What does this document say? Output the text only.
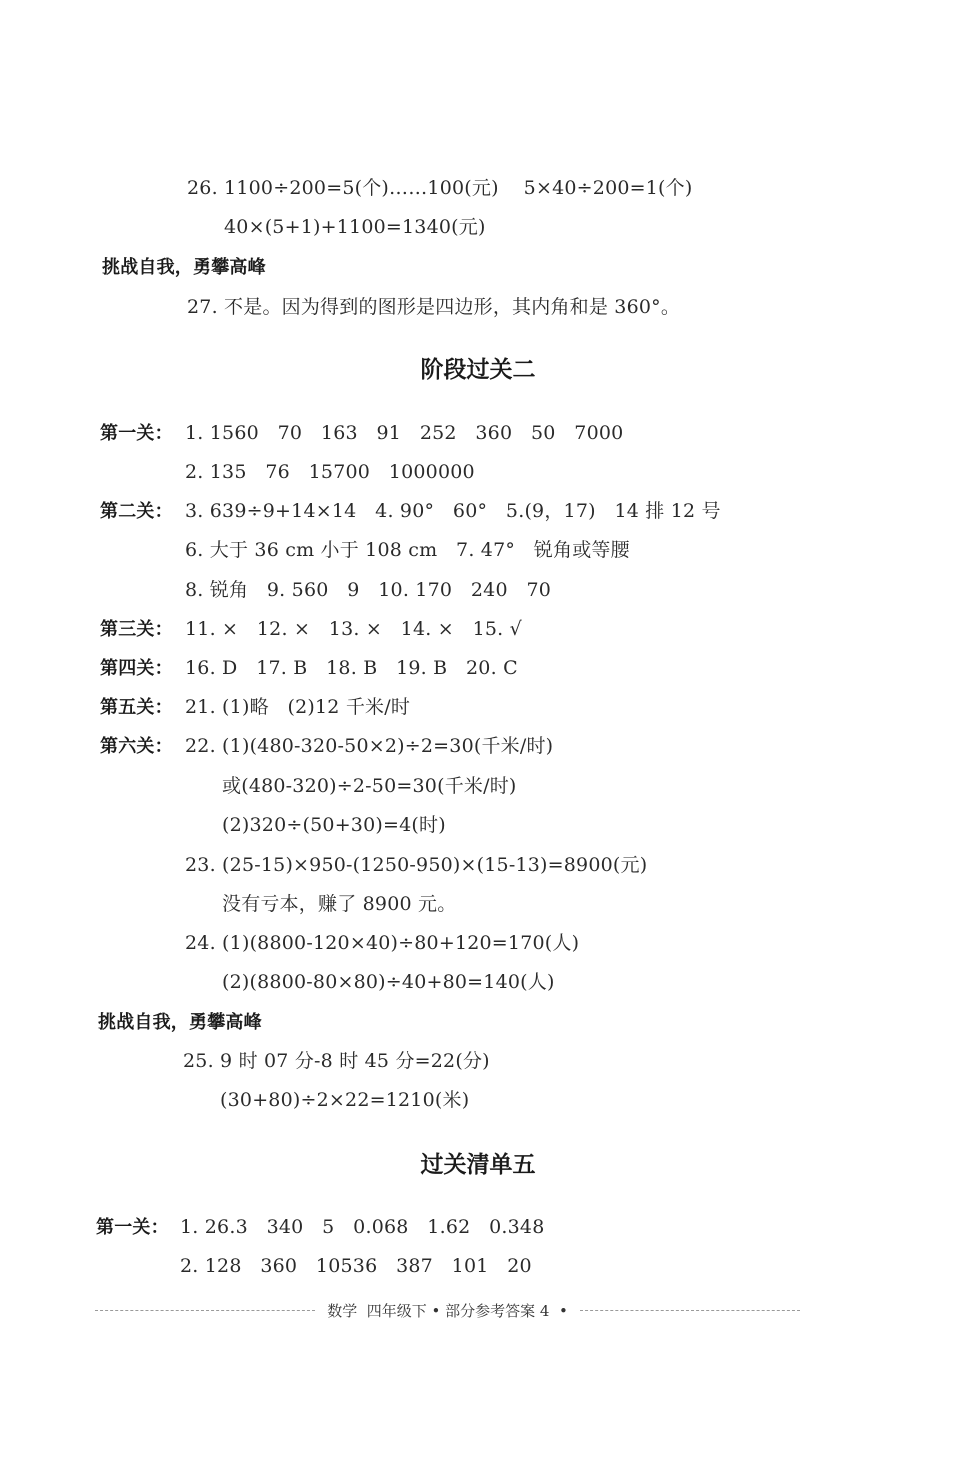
26. 1100÷200=5(个)……100(元)    5×40÷200=1(个)
40×(5+1)+1100=1340(元)
挑战自我，勇攀高峰
27. 不是。因为得到的图形是四边形，其内角和是 360°。
阶段过关二
第一关： 1. 1560   70   163   91   252   360   50   7000
2. 135   76   15700   1000000
第二关： 3. 639÷9+14×14   4. 90°   60°   5.(9，17)   14 排 12 号
6. 大于 36 cm 小于 108 cm   7. 47°   锐角或等腰
8. 锐角   9. 560   9   10. 170   240   70
第三关： 11. ×   12. ×   13. ×   14. ×   15. √
第四关： 16. D   17. B   18. B   19. B   20. C
第五关： 21. (1)略   (2)12 千米/时
第六关： 22. (1)(480-320-50×2)÷2=30(千米/时)
或(480-320)÷2-50=30(千米/时)
(2)320÷(50+30)=4(时)
23. (25-15)×950-(1250-950)×(15-13)=8900(元)
没有亏本，赚了 8900 元。
24. (1)(8800-120×40)÷80+120=170(人)
(2)(8800-80×80)÷40+80=140(人)
挑战自我，勇攀高峰
25. 9 时 07 分-8 时 45 分=22(分)
(30+80)÷2×22=1210(米)
过关清单五
第一关： 1. 26.3   340   5   0.068   1.62   0.348
2. 128   360   10536   387   101   20
数学  四年级下 • 部分参考答案 4  •
